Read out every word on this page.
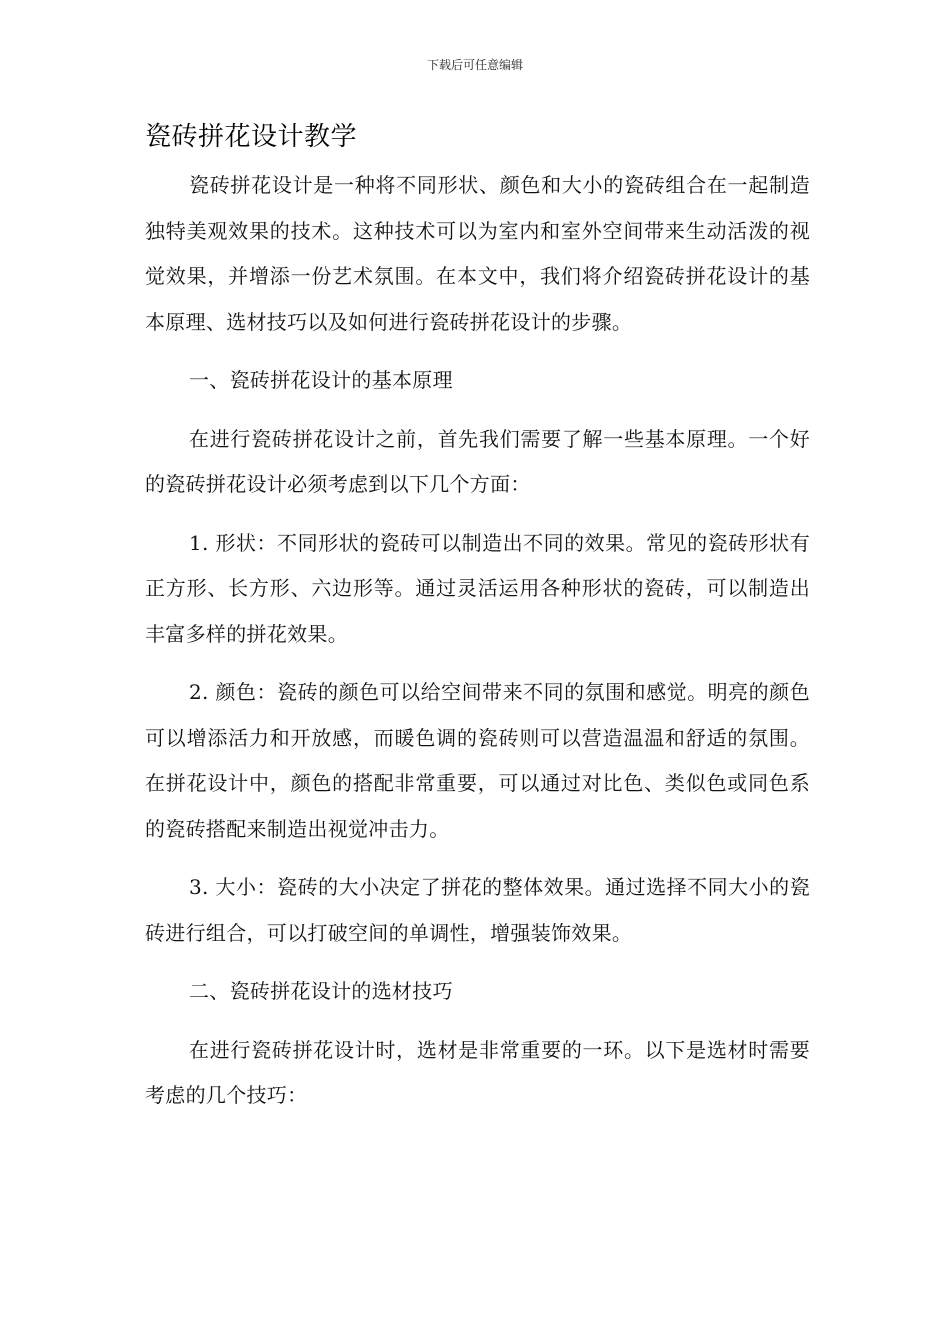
下载后可任意编辑
瓷砖拼花设计教学

瓷砖拼花设计是一种将不同形状、颜色和大小的瓷砖组合在一起制造独特美观效果的技术。这种技术可以为室内和室外空间带来生动活泼的视觉效果，并增添一份艺术氛围。在本文中，我们将介绍瓷砖拼花设计的基本原理、选材技巧以及如何进行瓷砖拼花设计的步骤。

一、瓷砖拼花设计的基本原理

在进行瓷砖拼花设计之前，首先我们需要了解一些基本原理。一个好的瓷砖拼花设计必须考虑到以下几个方面：

1. 形状：不同形状的瓷砖可以制造出不同的效果。常见的瓷砖形状有正方形、长方形、六边形等。通过灵活运用各种形状的瓷砖，可以制造出丰富多样的拼花效果。

2. 颜色：瓷砖的颜色可以给空间带来不同的氛围和感觉。明亮的颜色可以增添活力和开放感，而暖色调的瓷砖则可以营造温温和舒适的氛围。在拼花设计中，颜色的搭配非常重要，可以通过对比色、类似色或同色系的瓷砖搭配来制造出视觉冲击力。

3. 大小：瓷砖的大小决定了拼花的整体效果。通过选择不同大小的瓷砖进行组合，可以打破空间的单调性，增强装饰效果。

二、瓷砖拼花设计的选材技巧

在进行瓷砖拼花设计时，选材是非常重要的一环。以下是选材时需要考虑的几个技巧：
